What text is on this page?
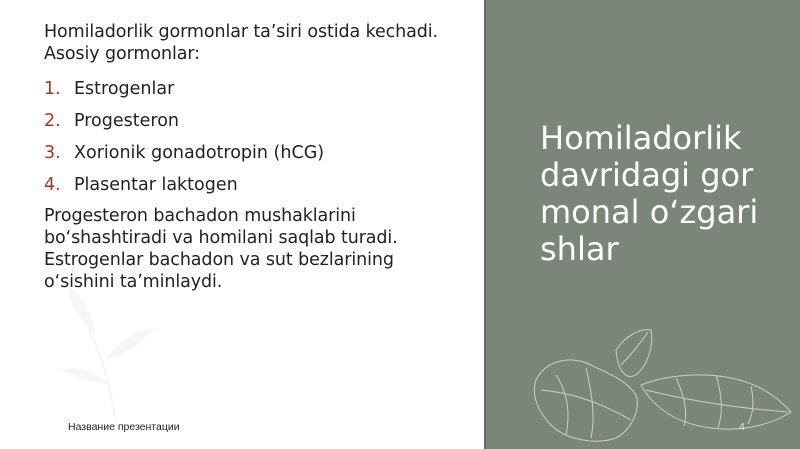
Homiladorlik gormonlar ta’siri ostida kechadi. Asosiy gormonlar:

1. Estrogenlar
2. Progesteron
3. Xorionik gonadotropin (hCG)
4. Plasentar laktogen

Progesteron bachadon mushaklarini bo‘shashtiradi va homilani saqlab turadi. Estrogenlar bachadon va sut bezlarining o‘sishini ta’minlaydi.

Название презентации
Homiladorlik davridagi gormonal o‘zgarishlar
4
